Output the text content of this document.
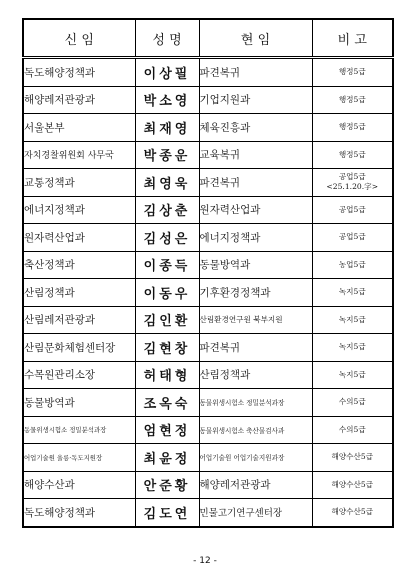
신 임	성 명	현 임	비 고
독도해양정책과	이상필	파견복귀	행정5급
해양레저관광과	박소영	기업지원과	행정5급
서울본부	최재영	체육진흥과	행정5급
자치경찰위원회 사무국	박종운	교육복귀	행정5급
교통정책과	최영욱	파견복귀	공업5급
<25.1.20.字>

에너지정책과	김상춘	원자력산업과	공업5급
원자력산업과	김성은	에너지정책과	공업5급
축산정책과	이종득	동물방역과	농업5급
산림정책과	이동우	기후환경정책과	녹지5급
산림레저관광과	김인환	산림환경연구원 북부지원	녹지5급
산림문화체험센터장	김현창	파견복귀	녹지5급
수목원관리소장	허태형	산림정책과	녹지5급
동물방역과	조옥숙	동물위생시험소 정밀분석과장	수의5급
동물위생시험소 정밀분석과장	엄현정	동물위생시험소 축산물검사과	수의5급
어업기술원 울릉·독도지원장	최윤정	어업기술원 어업기술지원과장	해양수산5급
해양수산과	안준황	해양레저관광과	해양수산5급
독도해양정책과	김도연	민물고기연구센터장	해양수산5급
- 12 -
